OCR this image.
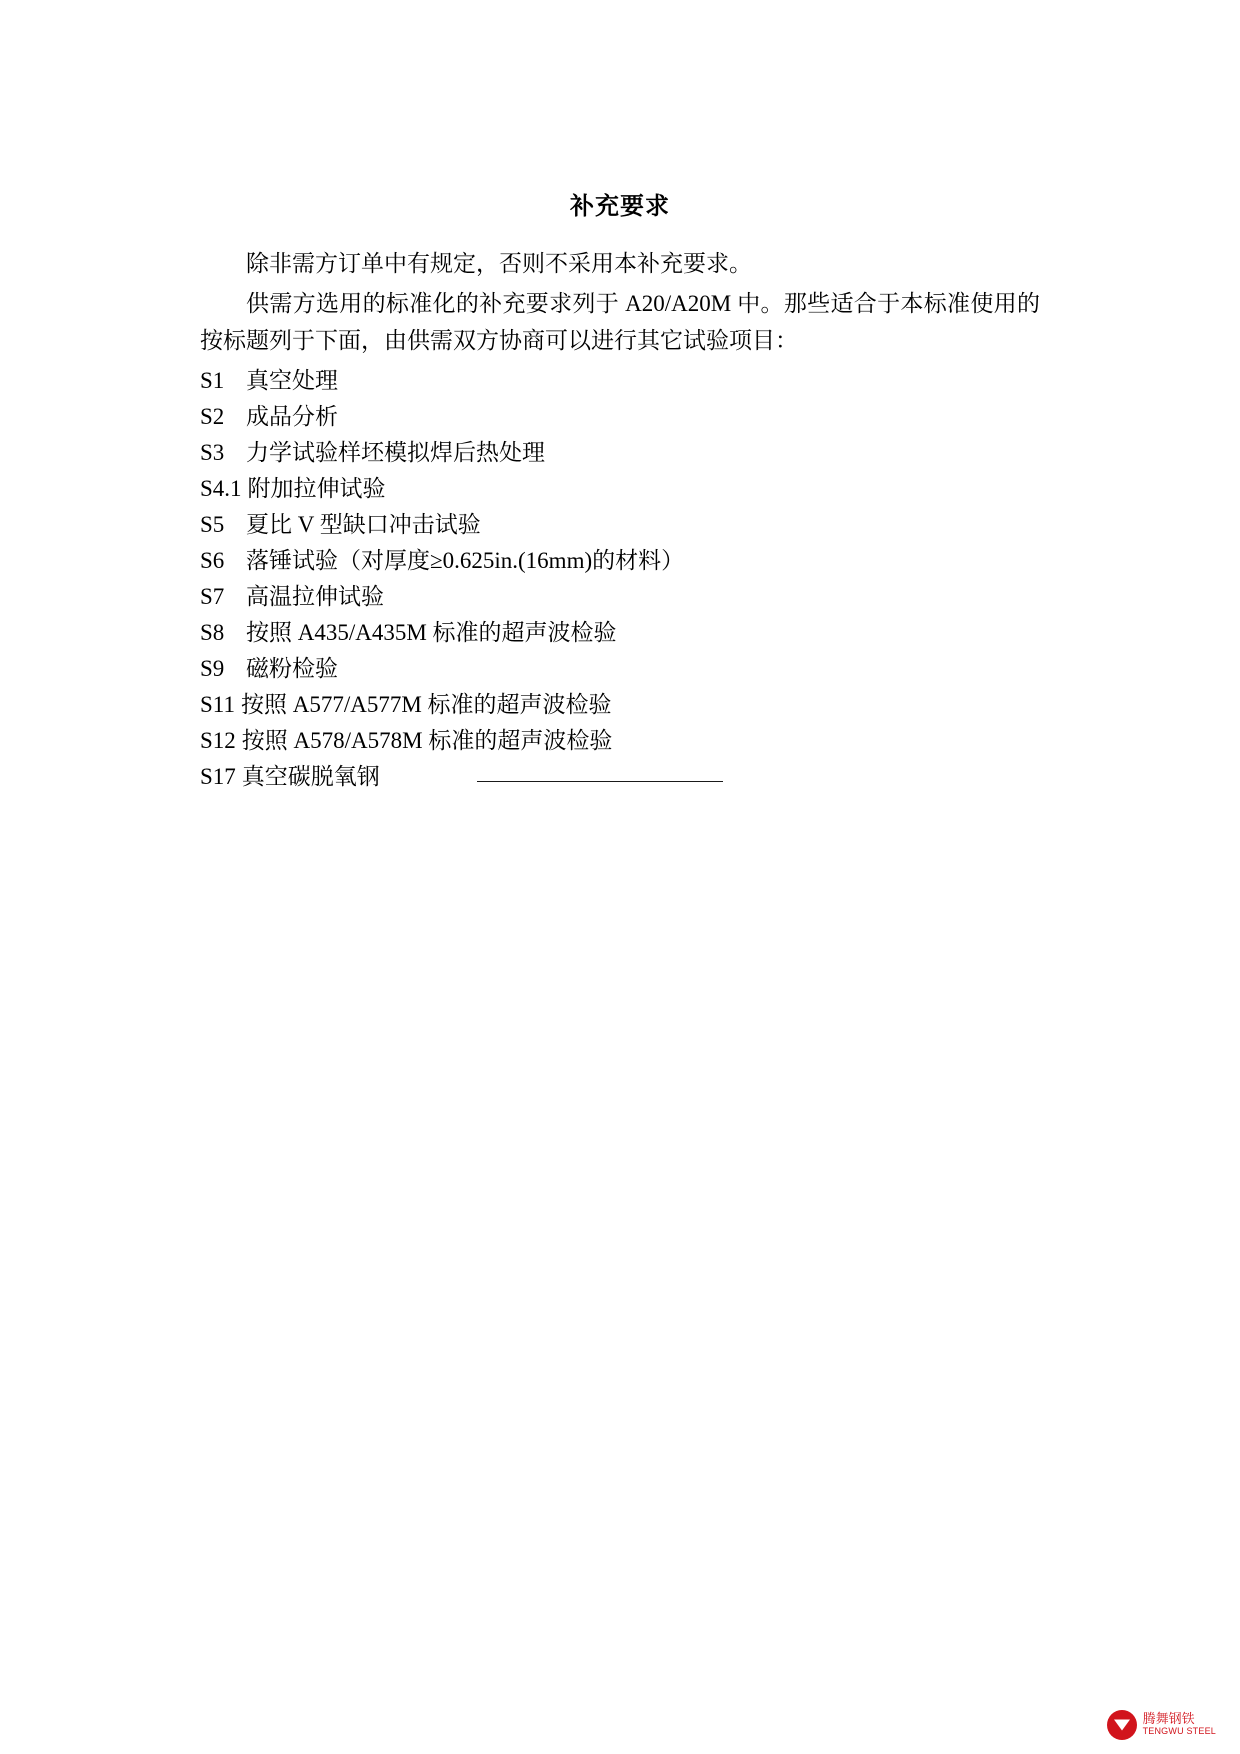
补充要求

除非需方订单中有规定，否则不采用本补充要求。

供需方选用的标准化的补充要求列于 A20/A20M 中。那些适合于本标准使用的按标题列于下面，由供需双方协商可以进行其它试验项目：

S1 真空处理
S2 成品分析
S3 力学试验样坯模拟焊后热处理
S4.1 附加拉伸试验
S5 夏比 V 型缺口冲击试验
S6 落锤试验（对厚度≥0.625in.(16mm)的材料）
S7 高温拉伸试验
S8 按照 A435/A435M 标准的超声波检验
S9 磁粉检验
S11 按照 A577/A577M 标准的超声波检验
S12 按照 A578/A578M 标准的超声波检验
S17 真空碳脱氧钢
腾舞钢铁
TENGWU STEEL
